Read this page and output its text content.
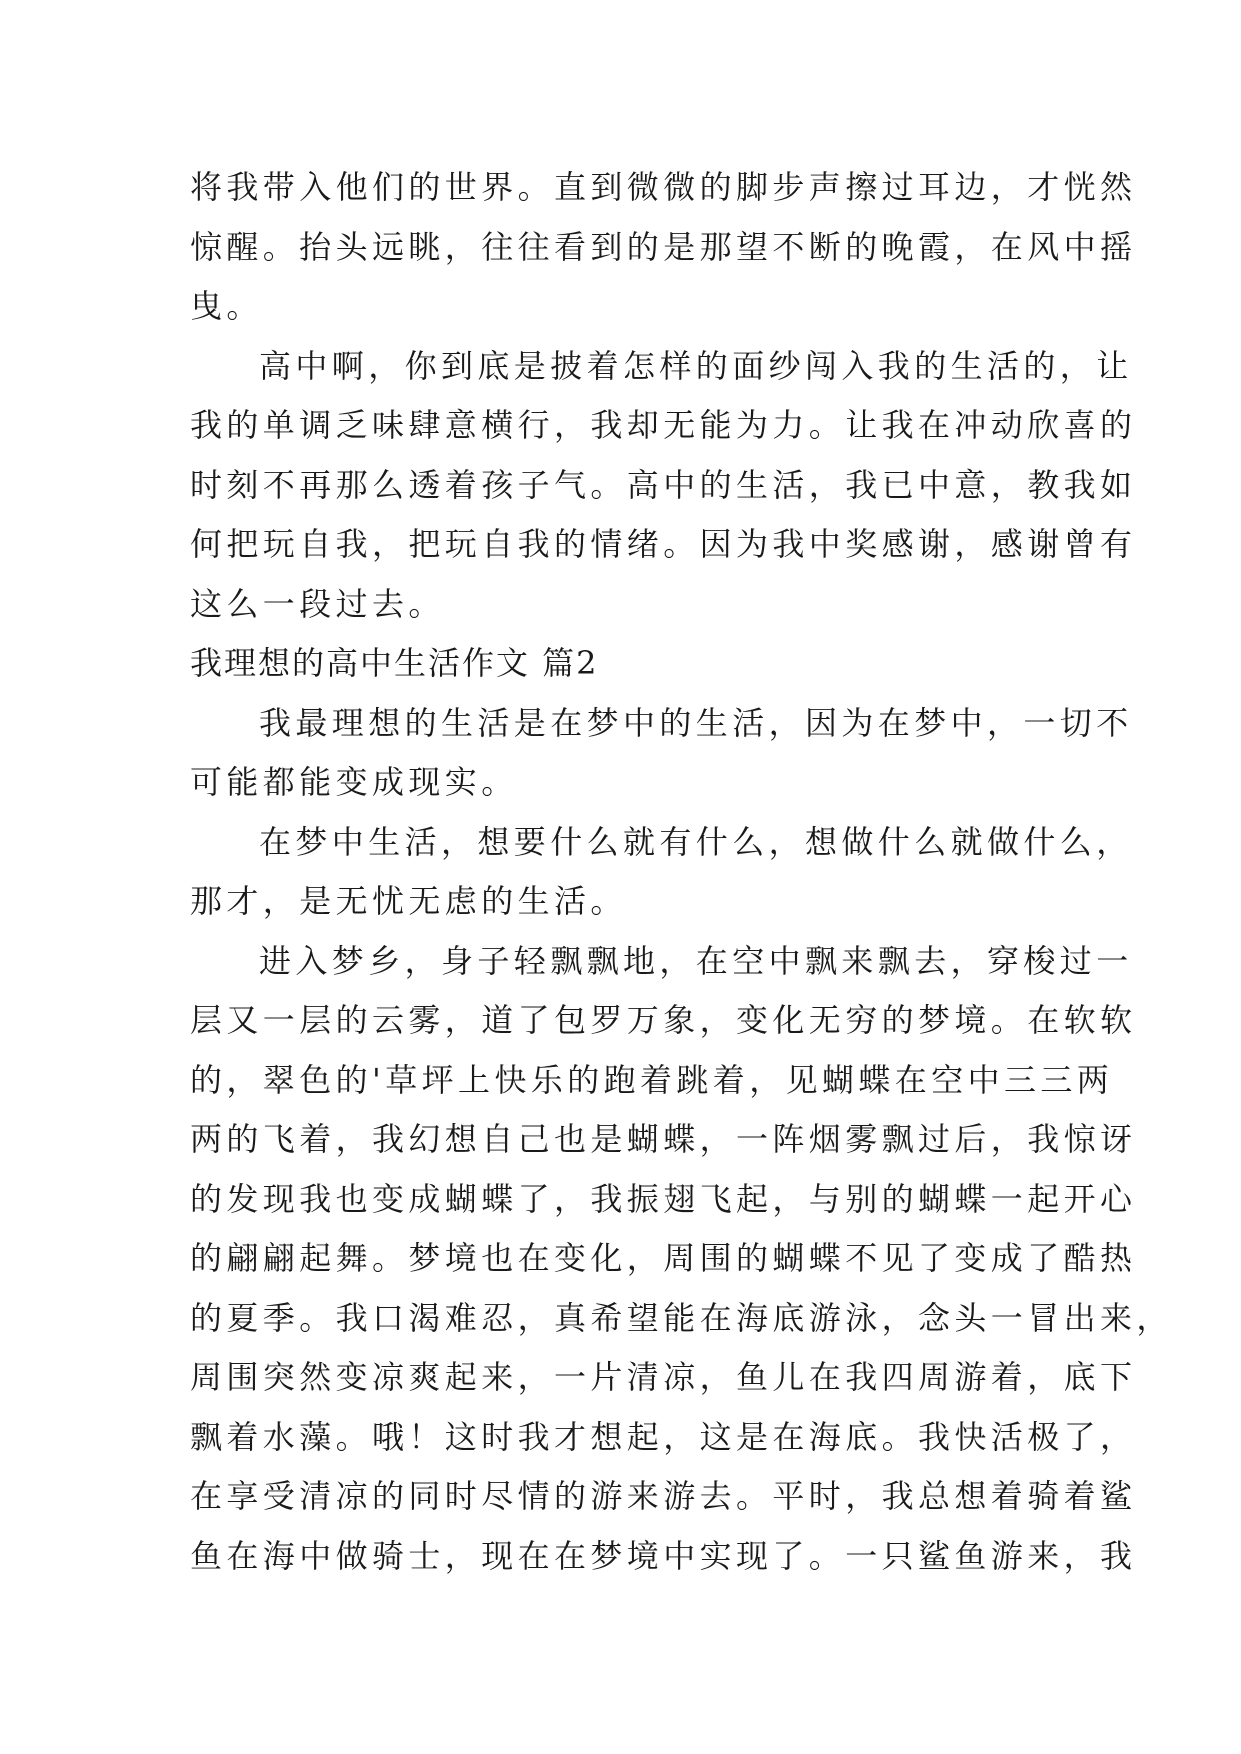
将我带入他们的世界。直到微微的脚步声擦过耳边，才恍然
惊醒。抬头远眺，往往看到的是那望不断的晚霞，在风中摇
曳。
高中啊，你到底是披着怎样的面纱闯入我的生活的，让
我的单调乏味肆意横行，我却无能为力。让我在冲动欣喜的
时刻不再那么透着孩子气。高中的生活，我已中意，教我如
何把玩自我，把玩自我的情绪。因为我中奖感谢，感谢曾有
这么一段过去。
我理想的高中生活作文 篇2
我最理想的生活是在梦中的生活，因为在梦中，一切不
可能都能变成现实。
在梦中生活，想要什么就有什么，想做什么就做什么，
那才，是无忧无虑的生活。
进入梦乡，身子轻飘飘地，在空中飘来飘去，穿梭过一
层又一层的云雾，道了包罗万象，变化无穷的梦境。在软软
的，翠色的'草坪上快乐的跑着跳着，见蝴蝶在空中三三两
两的飞着，我幻想自己也是蝴蝶，一阵烟雾飘过后，我惊讶
的发现我也变成蝴蝶了，我振翅飞起，与别的蝴蝶一起开心
的翩翩起舞。梦境也在变化，周围的蝴蝶不见了变成了酷热
的夏季。我口渴难忍，真希望能在海底游泳，念头一冒出来，
周围突然变凉爽起来，一片清凉，鱼儿在我四周游着，底下
飘着水藻。哦！这时我才想起，这是在海底。我快活极了，
在享受清凉的同时尽情的游来游去。平时，我总想着骑着鲨
鱼在海中做骑士，现在在梦境中实现了。一只鲨鱼游来，我
